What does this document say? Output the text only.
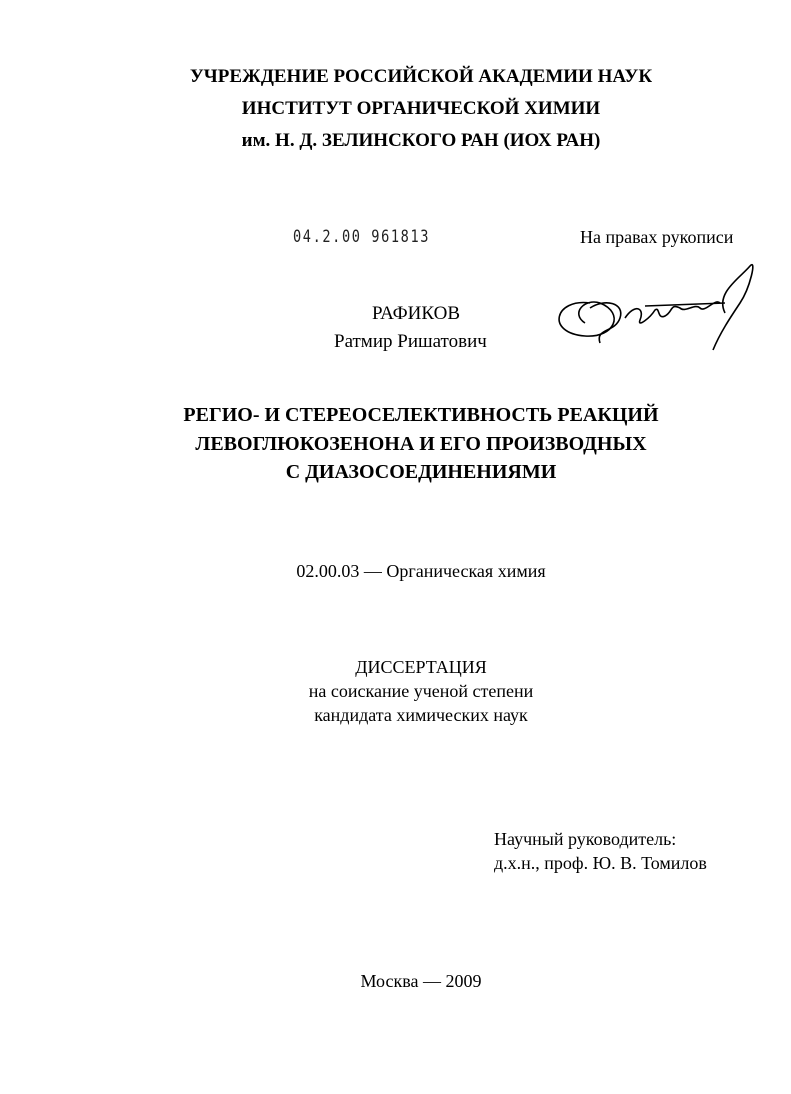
УЧРЕЖДЕНИЕ РОССИЙСКОЙ АКАДЕМИИ НАУК
ИНСТИТУТ ОРГАНИЧЕСКОЙ ХИМИИ
им. Н. Д. ЗЕЛИНСКОГО РАН (ИОХ РАН)
04.2.00 961813	На правах рукописи
РАФИКОВ
Ратмир Ришатович
РЕГИО- И СТЕРЕОСЕЛЕКТИВНОСТЬ РЕАКЦИЙ
ЛЕВОГЛЮКОЗЕНОНА И ЕГО ПРОИЗВОДНЫХ
С ДИАЗОСОЕДИНЕНИЯМИ
02.00.03 — Органическая химия
ДИССЕРТАЦИЯ
на соискание ученой степени
кандидата химических наук
Научный руководитель:
д.х.н., проф. Ю. В. Томилов
Москва — 2009
